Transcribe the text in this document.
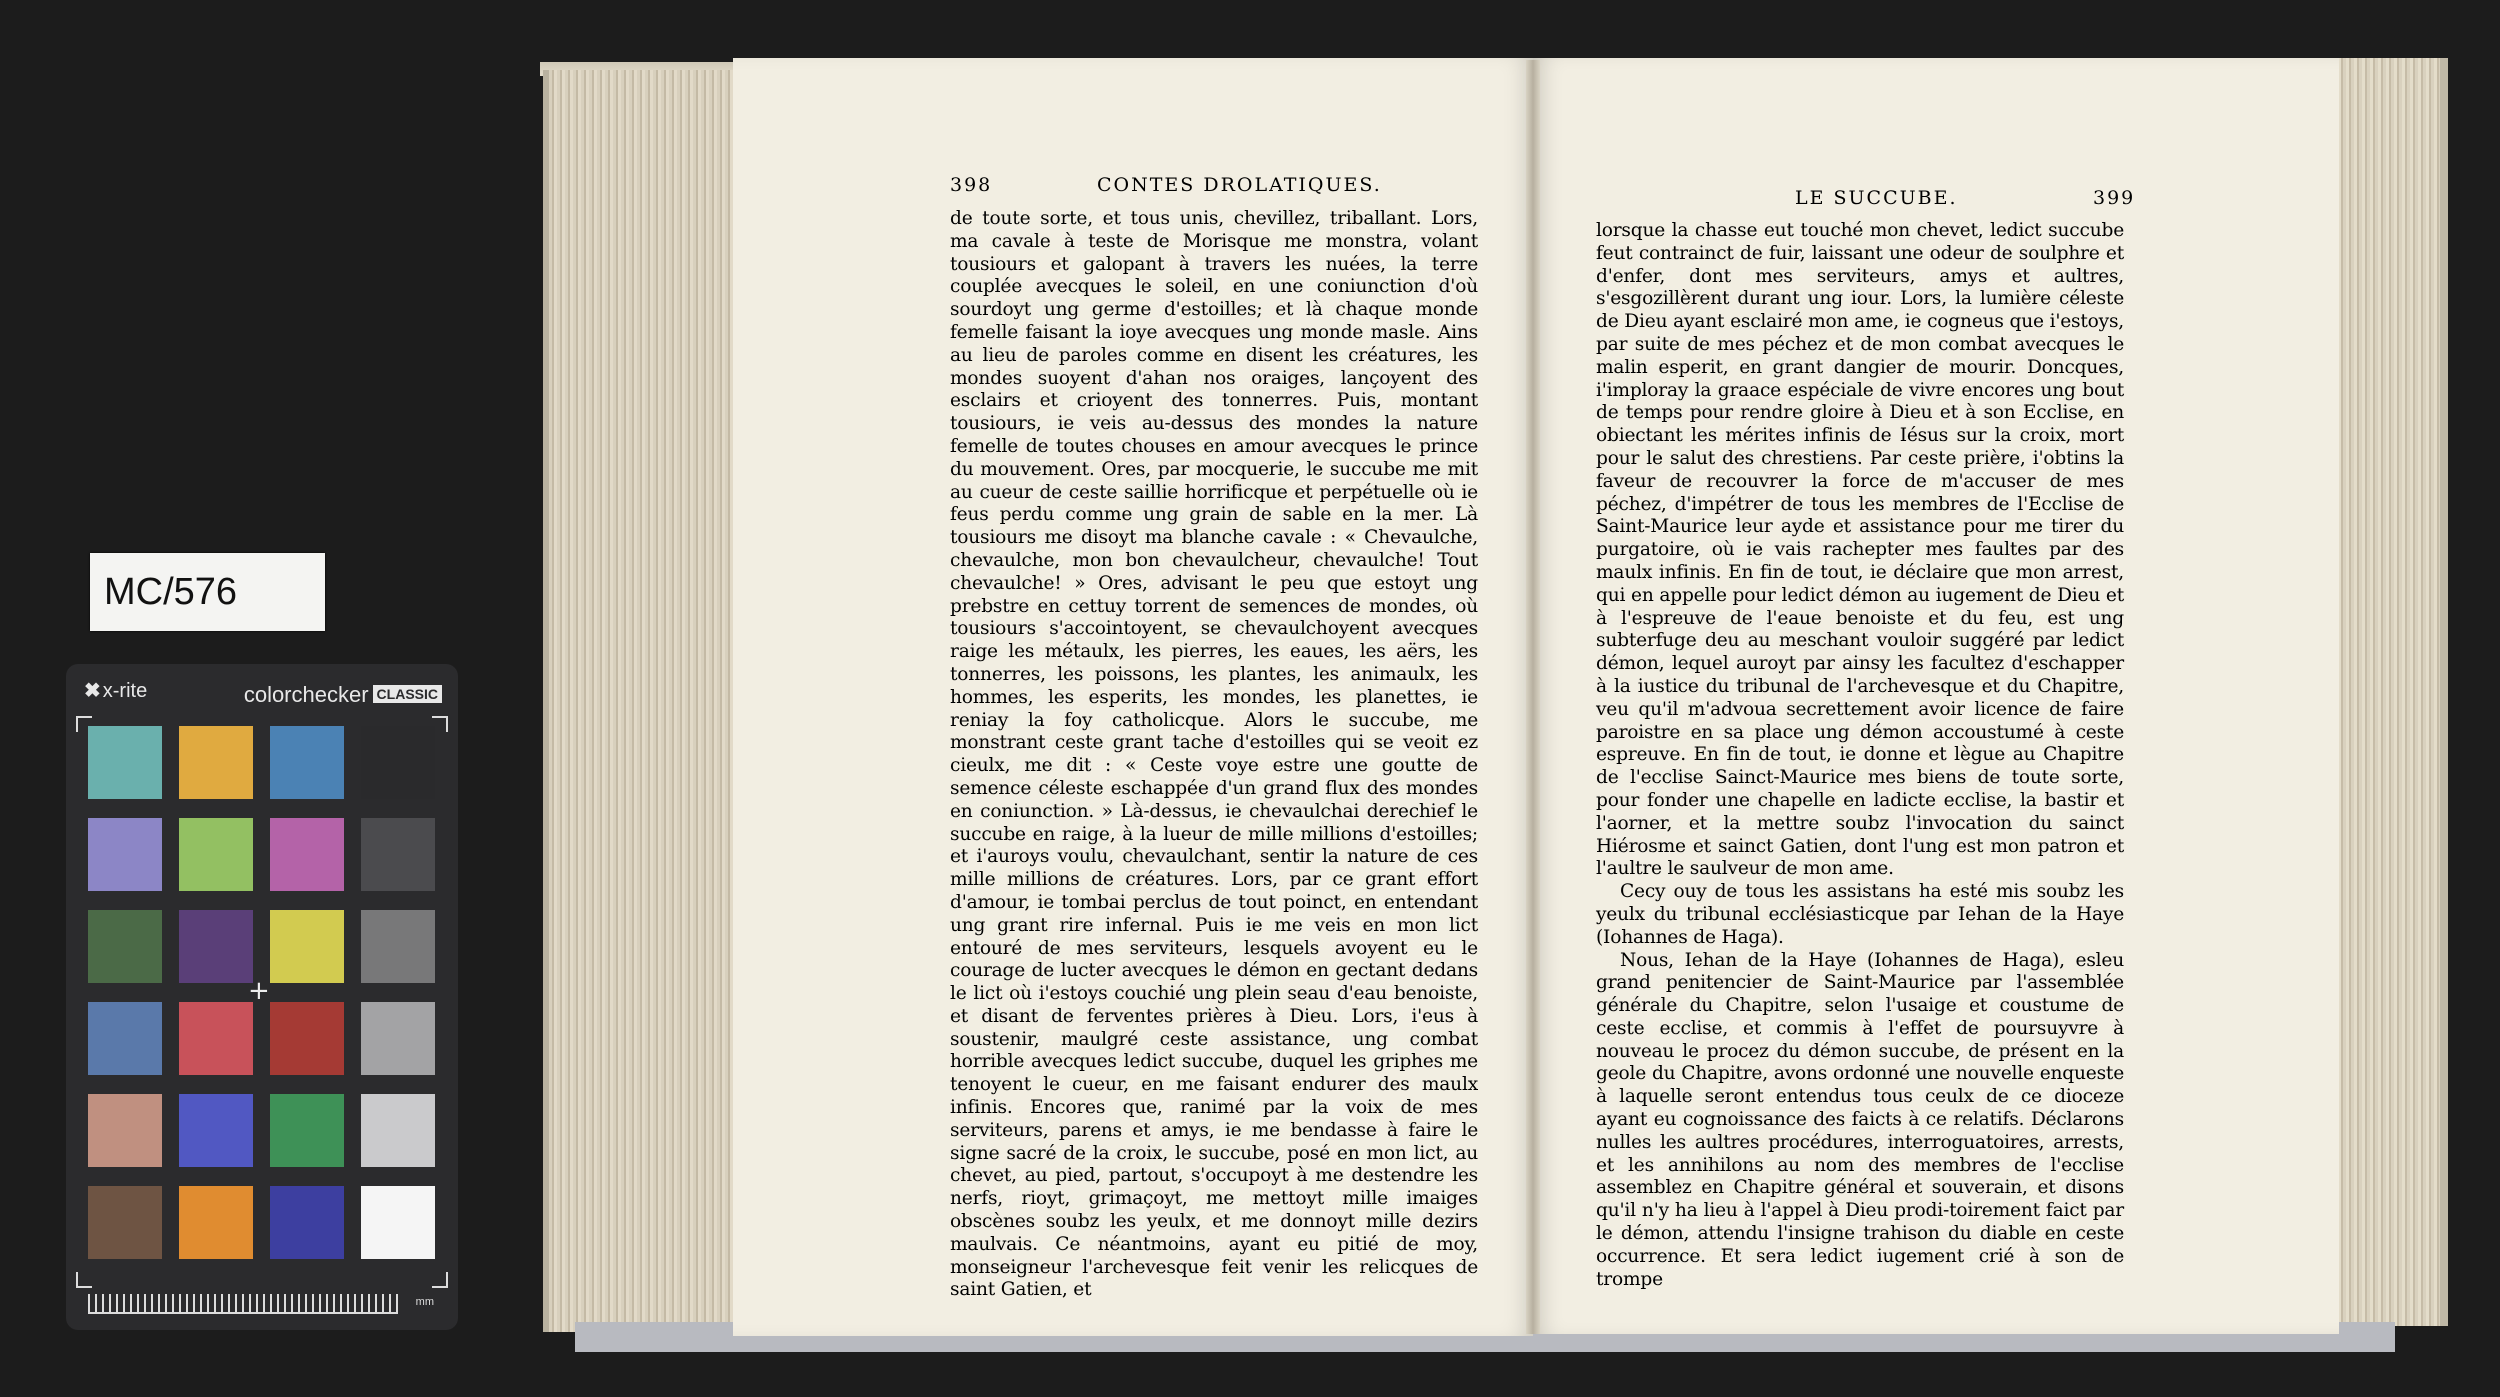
MC/576
✖ x-rite	colorchecker CLASSIC
+
mm
398	CONTES DROLATIQUES.

de toute sorte, et tous unis, chevillez, triballant. Lors, ma cavale à teste de Morisque me monstra, volant tousiours et galopant à travers les nuées, la terre couplée avecques le soleil, en une coniunction d'où sourdoyt ung germe d'estoilles; et là chaque monde femelle faisant la ioye avecques ung monde masle. Ains au lieu de paroles comme en disent les créatures, les mondes suoyent d'ahan nos oraiges, lançoyent des esclairs et crioyent des tonnerres. Puis, montant tousiours, ie veis au-dessus des mondes la nature femelle de toutes chouses en amour avecques le prince du mouvement. Ores, par mocquerie, le succube me mit au cueur de ceste saillie horrificque et perpétuelle où ie feus perdu comme ung grain de sable en la mer. Là tousiours me disoyt ma blanche cavale : « Chevaulche, chevaulche, mon bon chevaulcheur, chevaulche! Tout chevaulche! » Ores, advisant le peu que estoyt ung prebstre en cettuy torrent de semences de mondes, où tousiours s'accointoyent, se chevaulchoyent avecques raige les métaulx, les pierres, les eaues, les aërs, les tonnerres, les poissons, les plantes, les animaulx, les hommes, les esperits, les mondes, les planettes, ie reniay la foy catholicque. Alors le succube, me monstrant ceste grant tache d'estoilles qui se veoit ez cieulx, me dit : « Ceste voye estre une goutte de semence céleste eschappée d'un grand flux des mondes en coniunction. » Là-dessus, ie chevaulchai derechief le succube en raige, à la lueur de mille millions d'estoilles; et i'auroys voulu, chevaulchant, sentir la nature de ces mille millions de créatures. Lors, par ce grant effort d'amour, ie tombai perclus de tout poinct, en entendant ung grant rire infernal. Puis ie me veis en mon lict entouré de mes serviteurs, lesquels avoyent eu le courage de lucter avecques le démon en gectant dedans le lict où i'estoys couchié ung plein seau d'eau benoiste, et disant de ferventes prières à Dieu. Lors, i'eus à soustenir, maulgré ceste assistance, ung combat horrible avecques ledict succube, duquel les griphes me tenoyent le cueur, en me faisant endurer des maulx infinis. Encores que, ranimé par la voix de mes serviteurs, parens et amys, ie me bendasse à faire le signe sacré de la croix, le succube, posé en mon lict, au chevet, au pied, partout, s'occupoyt à me destendre les nerfs, rioyt, grimaçoyt, me mettoyt mille imaiges obscènes soubz les yeulx, et me donnoyt mille dezirs maulvais. Ce néantmoins, ayant eu pitié de moy, monseigneur l'archevesque feit venir les relicques de saint Gatien, et

LE SUCCUBE.	399

lorsque la chasse eut touché mon chevet, ledict succube feut contrainct de fuir, laissant une odeur de soulphre et d'enfer, dont mes serviteurs, amys et aultres, s'esgozillèrent durant ung iour. Lors, la lumière céleste de Dieu ayant esclairé mon ame, ie cogneus que i'estoys, par suite de mes péchez et de mon combat avecques le malin esperit, en grant dangier de mourir. Doncques, i'imploray la graace espéciale de vivre encores ung bout de temps pour rendre gloire à Dieu et à son Ecclise, en obiectant les mérites infinis de Iésus sur la croix, mort pour le salut des chrestiens. Par ceste prière, i'obtins la faveur de recouvrer la force de m'accuser de mes péchez, d'impétrer de tous les membres de l'Ecclise de Saint-Maurice leur ayde et assistance pour me tirer du purgatoire, où ie vais rachepter mes faultes par des maulx infinis. En fin de tout, ie déclaire que mon arrest, qui en appelle pour ledict démon au iugement de Dieu et à l'espreuve de l'eaue benoiste et du feu, est ung subterfuge deu au meschant vouloir suggéré par ledict démon, lequel auroyt par ainsy les facultez d'eschapper à la iustice du tribunal de l'archevesque et du Chapitre, veu qu'il m'advoua secrettement avoir licence de faire paroistre en sa place ung démon accoustumé à ceste espreuve. En fin de tout, ie donne et lègue au Chapitre de l'ecclise Sainct-Maurice mes biens de toute sorte, pour fonder une chapelle en ladicte ecclise, la bastir et l'aorner, et la mettre soubz l'invocation du sainct Hiérosme et sainct Gatien, dont l'ung est mon patron et l'aultre le saulveur de mon ame.

Cecy ouy de tous les assistans ha esté mis soubz les yeulx du tribunal ecclésiasticque par Iehan de la Haye (Iohannes de Haga).

Nous, Iehan de la Haye (Iohannes de Haga), esleu grand penitencier de Saint-Maurice par l'assemblée générale du Chapitre, selon l'usaige et coustume de ceste ecclise, et commis à l'effet de poursuyvre à nouveau le procez du démon succube, de présent en la geole du Chapitre, avons ordonné une nouvelle enqueste à laquelle seront entendus tous ceulx de ce dioceze ayant eu cognoissance des faicts à ce relatifs. Déclarons nulles les aultres procédures, interroguatoires, arrests, et les annihilons au nom des membres de l'ecclise assemblez en Chapitre général et souverain, et disons qu'il n'y ha lieu à l'appel à Dieu prodi-toirement faict par le démon, attendu l'insigne trahison du diable en ceste occurrence. Et sera ledict iugement crié à son de trompe
